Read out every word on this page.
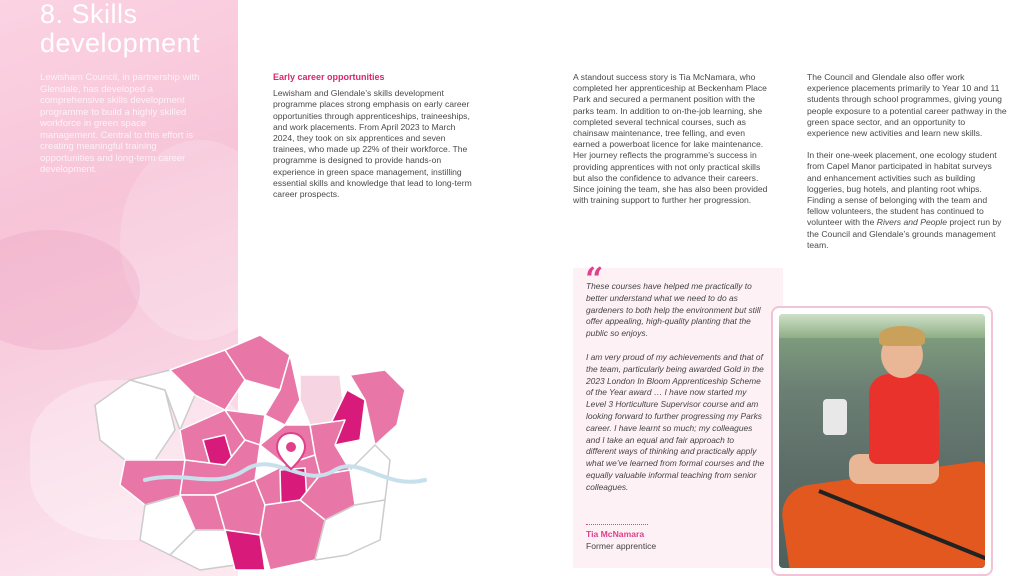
8. Skills development
Lewisham Council, in partnership with Glendale, has developed a comprehensive skills development programme to build a highly skilled workforce in green space management. Central to this effort is creating meaningful training opportunities and long-term career development.
Early career opportunities

Lewisham and Glendale’s skills development programme places strong emphasis on early career opportunities through apprenticeships, traineeships, and work placements. From April 2023 to March 2024, they took on six apprentices and seven trainees, who made up 22% of their workforce. The programme is designed to provide hands-on experience in green space management, instilling essential skills and knowledge that lead to long-term career prospects.

A standout success story is Tia McNamara, who completed her apprenticeship at Beckenham Place Park and secured a permanent position with the parks team. In addition to on-the-job learning, she completed several technical courses, such as chainsaw maintenance, tree felling, and even earned a powerboat licence for lake maintenance. Her journey reflects the programme’s success in providing apprentices with not only practical skills but also the confidence to advance their careers. Since joining the team, she has also been provided with training support to further her progression.

The Council and Glendale also offer work experience placements primarily to Year 10 and 11 students through school programmes, giving young people exposure to a potential career pathway in the green space sector, and an opportunity to experience new activities and learn new skills.

In their one-week placement, one ecology student from Capel Manor participated in habitat surveys and enhancement activities such as building loggeries, bug hotels, and planting root whips. Finding a sense of belonging with the team and fellow volunteers, the student has continued to volunteer with the Rivers and People project run by the Council and Glendale’s grounds management team.

“

These courses have helped me practically to better understand what we need to do as gardeners to both help the environment but still offer appealing, high-quality planting that the public so enjoys.

I am very proud of my achievements and that of the team, particularly being awarded Gold in the 2023 London In Bloom Apprenticeship Scheme of the Year award … I have now started my Level 3 Horticulture Supervisor course and am looking forward to further progressing my Parks career. I have learnt so much; my colleagues and I take an equal and fair approach to different ways of thinking and practically apply what we’ve learned from formal courses and the equally valuable informal teaching from senior colleagues.

Tia McNamara
Former apprentice
